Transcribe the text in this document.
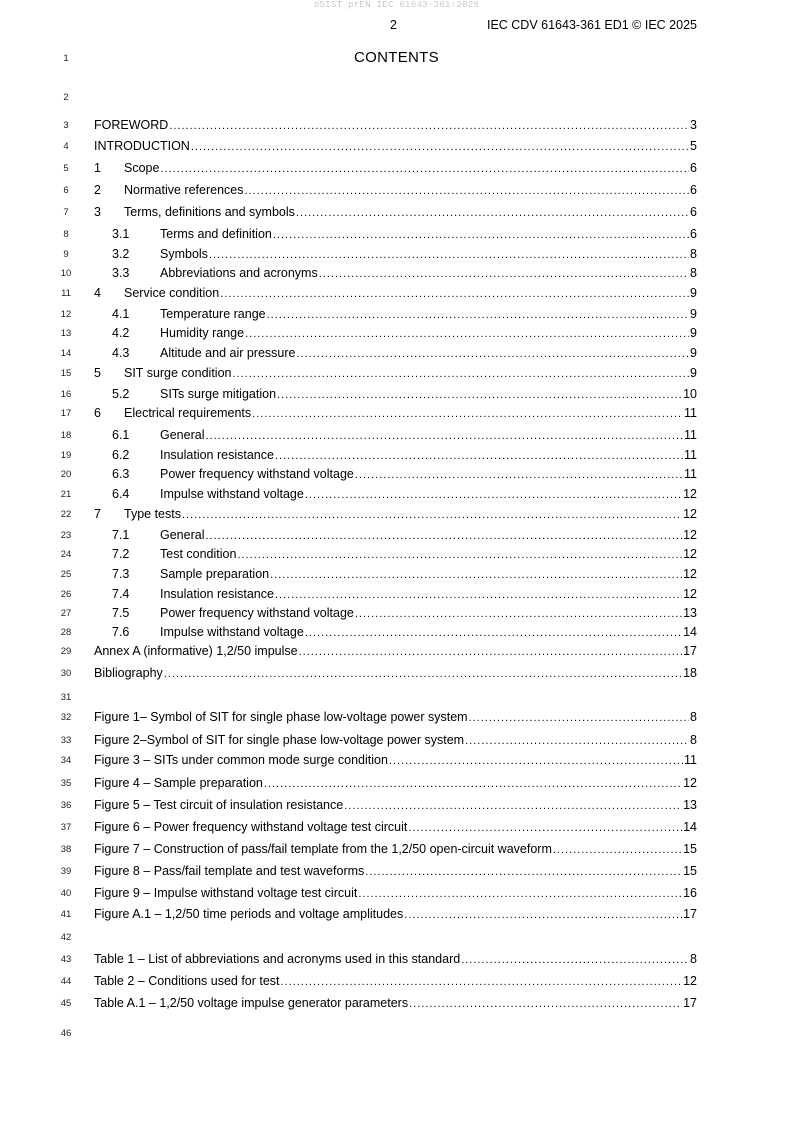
oSIST prEN IEC 61643-361:2025
2	IEC CDV 61643-361 ED1 © IEC 2025
CONTENTS
1
2
3
4
5
6
7
8
9
10
11
12
13
14
15
16
17
18
19
20
21
22
23
24
25
26
27
28
29
30
31
32
33
34
35
36
37
38
39
40
41
42
43
44
45
46
FOREWORD .....	3
INTRODUCTION .....	5
1	Scope .....	6
2	Normative references .....	6
3	Terms, definitions and symbols .....	6
3.1	Terms and definition .....	6
3.2	Symbols .....	8
3.3	Abbreviations and acronyms .....	8
4	Service condition .....	9
4.1	Temperature range .....	9
4.2	Humidity range .....	9
4.3	Altitude and air pressure .....	9
5	SIT surge condition .....	9
5.2	SITs surge mitigation .....	10
6	Electrical requirements .....	11
6.1	General .....	11
6.2	Insulation resistance .....	11
6.3	Power frequency withstand voltage .....	11
6.4	Impulse withstand voltage .....	12
7	Type tests .....	12
7.1	General .....	12
7.2	Test condition .....	12
7.3	Sample preparation .....	12
7.4	Insulation resistance .....	12
7.5	Power frequency withstand voltage .....	13
7.6	Impulse withstand voltage .....	14
Annex A (informative) 1,2/50 impulse .....	17
Bibliography .....	18
Figure 1– Symbol of SIT for single phase low-voltage power system .....	8
Figure 2–Symbol of SIT for single phase low-voltage power system .....	8
Figure 3 – SITs under common mode surge condition .....	11
Figure 4 – Sample preparation .....	12
Figure 5 – Test circuit of insulation resistance .....	13
Figure 6 – Power frequency withstand voltage test circuit .....	14
Figure 7 – Construction of pass/fail template from the 1,2/50 open-circuit waveform .....	15
Figure 8 – Pass/fail template and test waveforms .....	15
Figure 9 – Impulse withstand voltage test circuit .....	16
Figure A.1 – 1,2/50 time periods and voltage amplitudes .....	17
Table 1 – List of abbreviations and acronyms used in this standard .....	8
Table 2 – Conditions used for test .....	12
Table A.1 – 1,2/50 voltage impulse generator parameters .....	17
